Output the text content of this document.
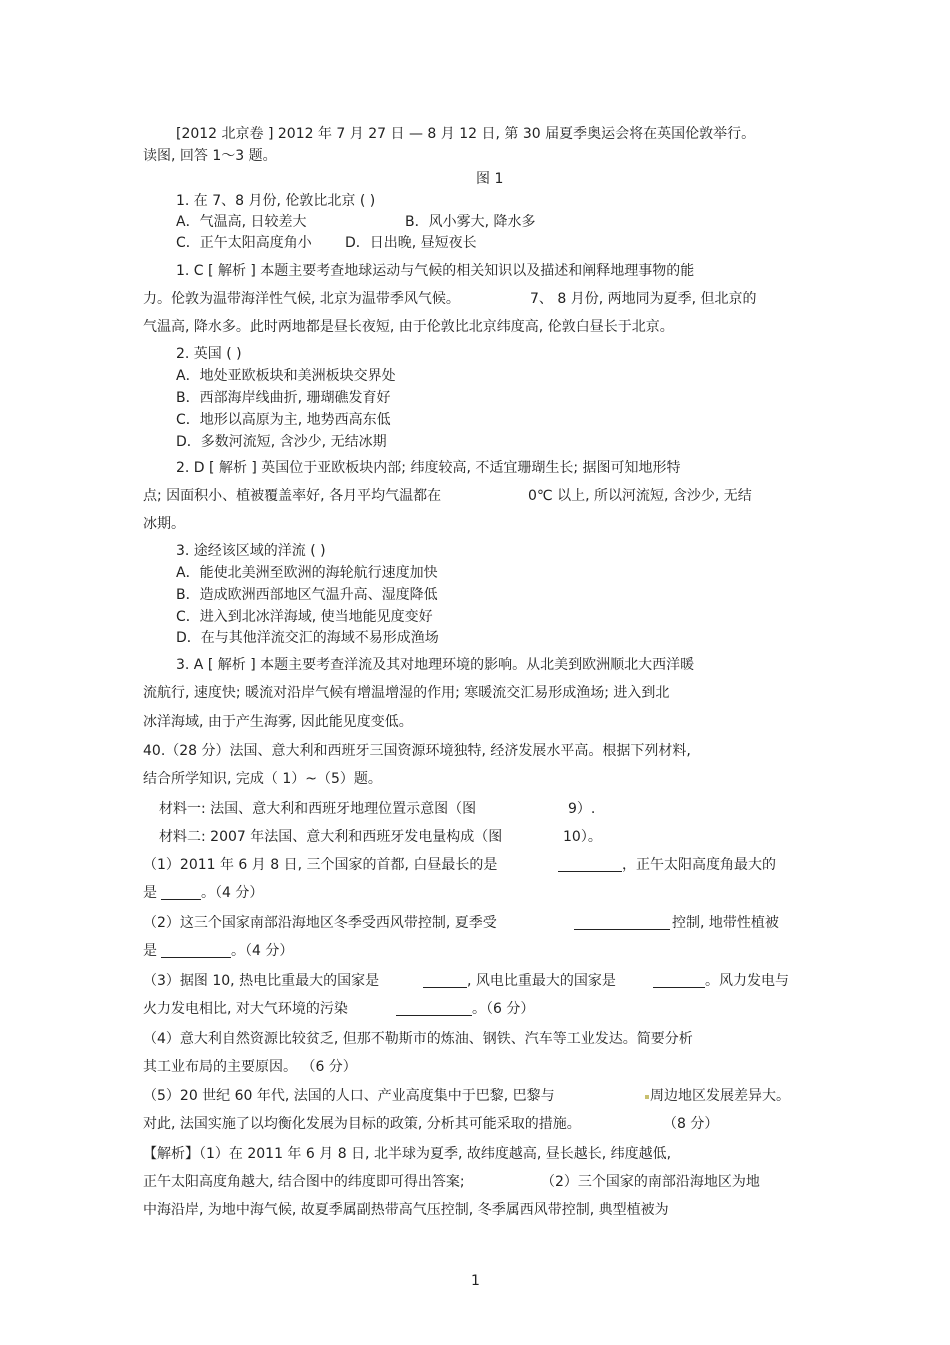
[2012 北京卷 ] 2012 年 7 月 27 日 — 8 月 12 日, 第 30 届夏季奥运会将在英国伦敦举行。
读图, 回答 1～3 题。
图 1
1. 在 7、8 月份, 伦敦比北京 ( )
A．气温高, 日较差大	B．风小雾大, 降水多
C．正午太阳高度角小 D．日出晚, 昼短夜长
1. C [ 解析 ] 本题主要考查地球运动与气候的相关知识以及描述和阐释地理事物的能
力。伦敦为温带海洋性气候, 北京为温带季风气候。	7、 8 月份, 两地同为夏季, 但北京的
气温高, 降水多。此时两地都是昼长夜短, 由于伦敦比北京纬度高, 伦敦白昼长于北京。
2. 英国 ( )
A．地处亚欧板块和美洲板块交界处
B．西部海岸线曲折, 珊瑚礁发育好
C．地形以高原为主, 地势西高东低
D．多数河流短, 含沙少, 无结冰期
2. D [ 解析 ] 英国位于亚欧板块内部; 纬度较高, 不适宜珊瑚生长; 据图可知地形特
点; 因面积小、植被覆盖率好, 各月平均气温都在	0℃ 以上, 所以河流短, 含沙少, 无结
冰期。
3. 途经该区域的洋流 ( )
A．能使北美洲至欧洲的海轮航行速度加快
B．造成欧洲西部地区气温升高、湿度降低
C．进入到北冰洋海域, 使当地能见度变好
D．在与其他洋流交汇的海域不易形成渔场
3. A [ 解析 ] 本题主要考查洋流及其对地理环境的影响。从北美到欧洲顺北大西洋暖
流航行, 速度快; 暖流对沿岸气候有增温增湿的作用; 寒暖流交汇易形成渔场; 进入到北
冰洋海域, 由于产生海雾, 因此能见度变低。
40.（28 分）法国、意大利和西班牙三国资源环境独特, 经济发展水平高。根据下列材料,
结合所学知识, 完成（ 1）~（5）题。
材料一: 法国、意大利和西班牙地理位置示意图（图	9）.
材料二: 2007 年法国、意大利和西班牙发电量构成（图	10）。
（1）2011 年 6 月 8 日, 三个国家的首都, 白昼最长的是	，正午太阳高度角最大的
是	。（4 分）
（2）这三个国家南部沿海地区冬季受西风带控制, 夏季受	控制, 地带性植被
是	。（4 分）
（3）据图 10, 热电比重最大的国家是	, 风电比重最大的国家是	。风力发电与
火力发电相比, 对大气环境的污染	。（6 分）
（4）意大利自然资源比较贫乏, 但那不勒斯市的炼油、钢铁、汽车等工业发达。简要分析
其工业布局的主要原因。 （6 分）
（5）20 世纪 60 年代, 法国的人口、产业高度集中于巴黎, 巴黎与	周边地区发展差异大。
对此, 法国实施了以均衡化发展为目标的政策, 分析其可能采取的措施。	（8 分）
【解析】（1）在 2011 年 6 月 8 日, 北半球为夏季, 故纬度越高, 昼长越长, 纬度越低,
正午太阳高度角越大, 结合图中的纬度即可得出答案;	（2）三个国家的南部沿海地区为地
中海沿岸, 为地中海气候, 故夏季属副热带高气压控制, 冬季属西风带控制, 典型植被为
1
